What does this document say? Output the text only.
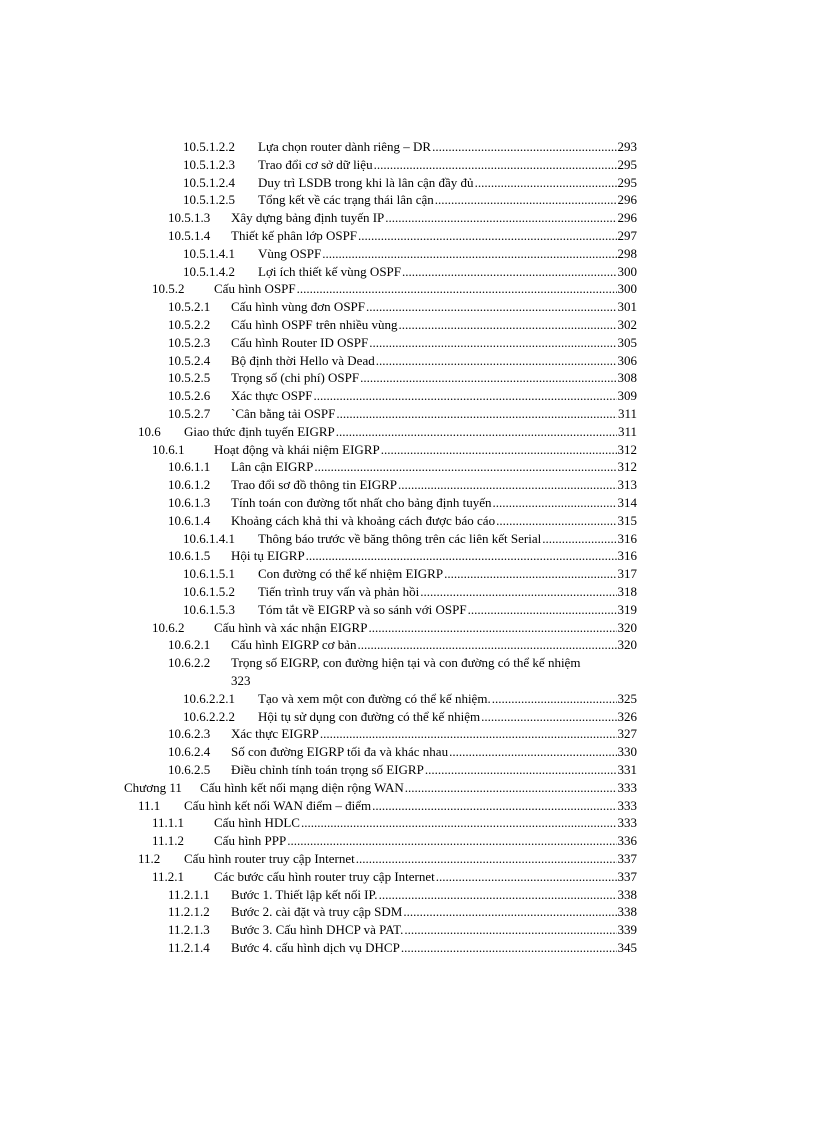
10.5.1.2.2 Lựa chọn router dành riêng – DR	293
.....
10.5.1.2.3 Trao đổi cơ sở dữ liệu	295
.....
10.5.1.2.4 Duy trì LSDB trong khi là lân cận đầy đủ	295
.....
10.5.1.2.5 Tổng kết về các trạng thái lân cận	296
.....
10.5.1.3 Xây dựng bảng định tuyến IP	296
.....
10.5.1.4 Thiết kế phân lớp OSPF	297
.....
10.5.1.4.1 Vùng OSPF	298
.....
10.5.1.4.2 Lợi ích thiết kế vùng OSPF	300
.....
10.5.2 Cấu hình OSPF	300
.....
10.5.2.1 Cấu hình vùng đơn OSPF	301
.....
10.5.2.2 Cấu hình OSPF trên nhiều vùng	302
.....
10.5.2.3 Cấu hình Router ID OSPF	305
.....
10.5.2.4 Bộ định thời Hello và Dead	306
.....
10.5.2.5 Trọng số (chi phí) OSPF	308
.....
10.5.2.6 Xác thực OSPF	309
.....
10.5.2.7 `Cân bằng tải OSPF	311
.....
10.6 Giao thức định tuyến EIGRP	311
.....
10.6.1 Hoạt động và khái niệm EIGRP	312
.....
10.6.1.1 Lân cận EIGRP	312
.....
10.6.1.2 Trao đổi sơ đồ thông tin EIGRP	313
.....
10.6.1.3 Tính toán con đường tốt nhất cho bảng định tuyến	314
.....
10.6.1.4 Khoảng cách khả thi và khoảng cách được báo cáo	315
.....
10.6.1.4.1 Thông báo trước về băng thông trên các liên kết Serial	316
.....
10.6.1.5 Hội tụ EIGRP	316
.....
10.6.1.5.1 Con đường có thể kế nhiệm EIGRP	317
.....
10.6.1.5.2 Tiến trình truy vấn và phản hồi	318
.....
10.6.1.5.3 Tóm tắt về EIGRP và so sánh với OSPF	319
.....
10.6.2 Cấu hình và xác nhận EIGRP	320
.....
10.6.2.1 Cấu hình EIGRP cơ bản	320
.....
10.6.2.2 Trọng số EIGRP, con đường hiện tại và con đường có thể kế nhiệm
323
10.6.2.2.1 Tạo và xem một con đường có thể kế nhiệm.	325
.....
10.6.2.2.2 Hội tụ sử dụng con đường có thể kế nhiệm	326
.....
10.6.2.3 Xác thực EIGRP	327
.....
10.6.2.4 Số con đường EIGRP tối đa và khác nhau	330
.....
10.6.2.5 Điều chỉnh tính toán trọng số EIGRP	331
.....
Chương 11 Cấu hình kết nối mạng diện rộng WAN	333
.....
11.1 Cấu hình kết nối WAN điểm – điểm	333
.....
11.1.1 Cấu hình HDLC	333
.....
11.1.2 Cấu hình PPP	336
.....
11.2 Cấu hình router truy cập Internet	337
.....
11.2.1 Các bước cấu hình router truy cập Internet	337
.....
11.2.1.1 Bước 1. Thiết lập kết nối IP.	338
.....
11.2.1.2 Bước 2. cài đặt và truy cập SDM	338
.....
11.2.1.3 Bước 3. Cấu hình DHCP và PAT.	339
.....
11.2.1.4 Bước 4. cấu hình dịch vụ DHCP	345
.....
